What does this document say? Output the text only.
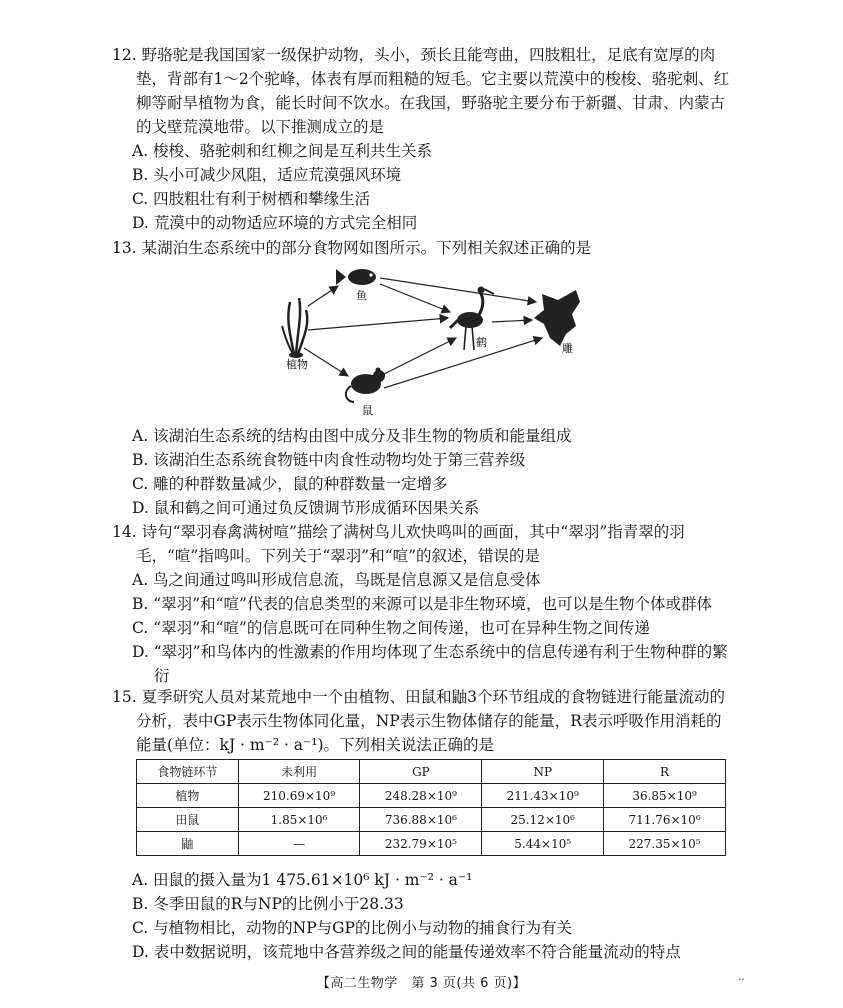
12. 野骆驼是我国国家一级保护动物，头小，颈长且能弯曲，四肢粗壮，足底有宽厚的肉垫，背部有1～2个驼峰，体表有厚而粗糙的短毛。它主要以荒漠中的梭梭、骆驼刺、红柳等耐旱植物为食，能长时间不饮水。在我国，野骆驼主要分布于新疆、甘肃、内蒙古的戈壁荒漠地带。以下推测成立的是

A. 梭梭、骆驼刺和红柳之间是互利共生关系

B. 头小可减少风阻，适应荒漠强风环境

C. 四肢粗壮有利于树栖和攀缘生活

D. 荒漠中的动物适应环境的方式完全相同

13. 某湖泊生态系统中的部分食物网如图所示。下列相关叙述正确的是

植物
鱼
鹤	雕
鼠

A. 该湖泊生态系统的结构由图中成分及非生物的物质和能量组成

B. 该湖泊生态系统食物链中肉食性动物均处于第三营养级

C. 雕的种群数量减少，鼠的种群数量一定增多

D. 鼠和鹤之间可通过负反馈调节形成循环因果关系

14. 诗句“翠羽春禽满树喧”描绘了满树鸟儿欢快鸣叫的画面，其中“翠羽”指青翠的羽毛，“喧”指鸣叫。下列关于“翠羽”和“喧”的叙述，错误的是

A. 鸟之间通过鸣叫形成信息流，鸟既是信息源又是信息受体

B. “翠羽”和“喧”代表的信息类型的来源可以是非生物环境，也可以是生物个体或群体

C. “翠羽”和“喧”的信息既可在同种生物之间传递，也可在异种生物之间传递

D. “翠羽”和鸟体内的性激素的作用均体现了生态系统中的信息传递有利于生物种群的繁衍

15. 夏季研究人员对某荒地中一个由植物、田鼠和鼬3个环节组成的食物链进行能量流动的分析，表中GP表示生物体同化量，NP表示生物体储存的能量，R表示呼吸作用消耗的能量(单位：kJ · m⁻² · a⁻¹)。下列相关说法正确的是

食物链环节	未利用	GP	NP	R
植物	210.69×10⁹	248.28×10⁹	211.43×10⁹	36.85×10⁹
田鼠	1.85×10⁶	736.88×10⁶	25.12×10⁶	711.76×10⁶
鼬	—	232.79×10⁵	5.44×10⁵	227.35×10⁵

A. 田鼠的摄入量为1 475.61×10⁶ kJ · m⁻² · a⁻¹

B. 冬季田鼠的R与NP的比例小于28.33

C. 与植物相比，动物的NP与GP的比例小与动物的捕食行为有关

D. 表中数据说明，该荒地中各营养级之间的能量传递效率不符合能量流动的特点

【高二生物学　第 3 页(共 6 页)】	‥
